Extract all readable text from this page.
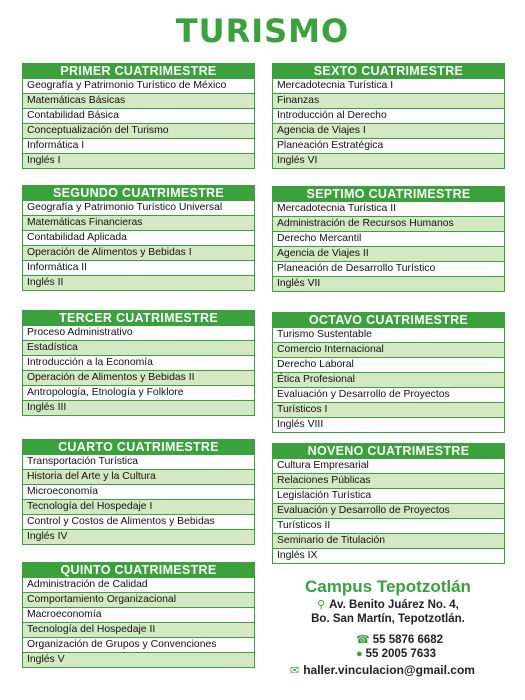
TURISMO
PRIMER CUATRIMESTRE
Geografía y Patrimonio Turístico de México
Matemáticas Básicas
Contabilidad Básica
Conceptualización del Turismo
Informática I
Inglés I
SEGUNDO CUATRIMESTRE
Geografía y Patrimonio Turístico Universal
Matemáticas Financieras
Contabilidad Aplicada
Operación de Alimentos y Bebidas I
Informática II
Inglés II
TERCER CUATRIMESTRE
Proceso Administrativo
Estadística
Introducción a la Economía
Operación de Alimentos y Bebidas II
Antropología, Etnología y Folklore
Inglés III
CUARTO CUATRIMESTRE
Transportación Turística
Historia del Arte y la Cultura
Microeconomía
Tecnología del Hospedaje I
Control y Costos de Alimentos y Bebidas
Inglés IV
QUINTO CUATRIMESTRE
Administración de Calidad
Comportamiento Organizacional
Macroeconomía
Tecnología del Hospedaje II
Organización de Grupos y Convenciones
Inglés V
SEXTO CUATRIMESTRE
Mercadotecnia Turística I
Finanzas
Introducción al Derecho
Agencia de Viajes I
Planeación Estratégica
Inglés VI
SEPTIMO CUATRIMESTRE
Mercadotecnia Turística II
Administración de Recursos Humanos
Derecho Mercantil
Agencia de Viajes II
Planeación de Desarrollo Turístico
Inglés VII
OCTAVO CUATRIMESTRE
Turismo Sustentable
Comercio Internacional
Derecho Laboral
Ética Profesional
Evaluación y Desarrollo de Proyectos
Turísticos I
Inglés VIII
NOVENO CUATRIMESTRE
Cultura Empresarial
Relaciones Públicas
Legislación Turística
Evaluación y Desarrollo de Proyectos
Turísticos II
Seminario de Titulación
Inglés IX
Campus Tepotzotlán
⚲ Av. Benito Juárez No. 4,
Bo. San Martín, Tepotzotlán.
☎ 55 5876 6682
● 55 2005 7633
✉ haller.vinculacion@gmail.com
